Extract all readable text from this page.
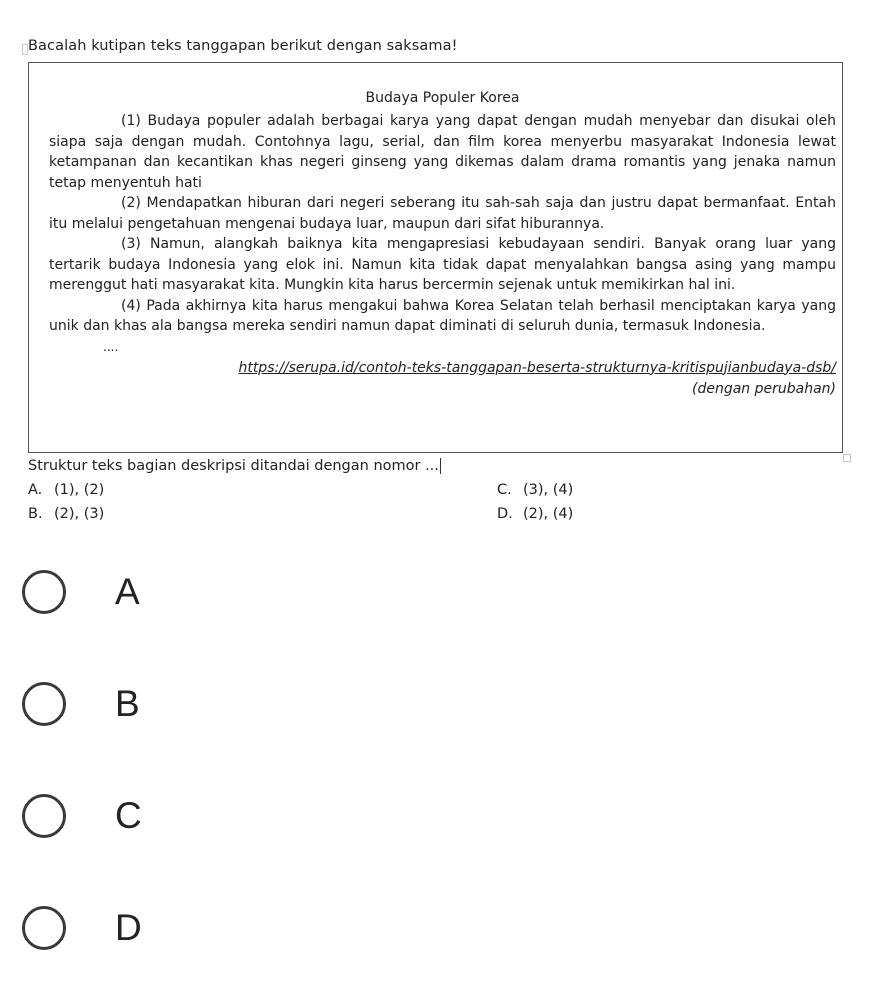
Bacalah kutipan teks tanggapan berikut dengan saksama!

Budaya Populer Korea

(1) Budaya populer adalah berbagai karya yang dapat dengan mudah menyebar dan disukai oleh siapa saja dengan mudah. Contohnya lagu, serial, dan film korea menyerbu masyarakat Indonesia lewat ketampanan dan kecantikan khas negeri ginseng yang dikemas dalam drama romantis yang jenaka namun tetap menyentuh hati

(2) Mendapatkan hiburan dari negeri seberang itu sah-sah saja dan justru dapat bermanfaat. Entah itu melalui pengetahuan mengenai budaya luar, maupun dari sifat hiburannya.

(3) Namun, alangkah baiknya kita mengapresiasi kebudayaan sendiri. Banyak orang luar yang tertarik budaya Indonesia yang elok ini. Namun kita tidak dapat menyalahkan bangsa asing yang mampu merenggut hati masyarakat kita. Mungkin kita harus bercermin sejenak untuk memikirkan hal ini.

(4) Pada akhirnya kita harus mengakui bahwa Korea Selatan telah berhasil menciptakan karya yang unik dan khas ala bangsa mereka sendiri namun dapat diminati di seluruh dunia, termasuk Indonesia.

....

https://serupa.id/contoh-teks-tanggapan-beserta-strukturnya-kritispujianbudaya-dsb/

(dengan perubahan)

Struktur teks bagian deskripsi ditandai dengan nomor ...
A. (1), (2)
B. (2), (3)
C. (3), (4)
D. (2), (4)
A
B
C
D
